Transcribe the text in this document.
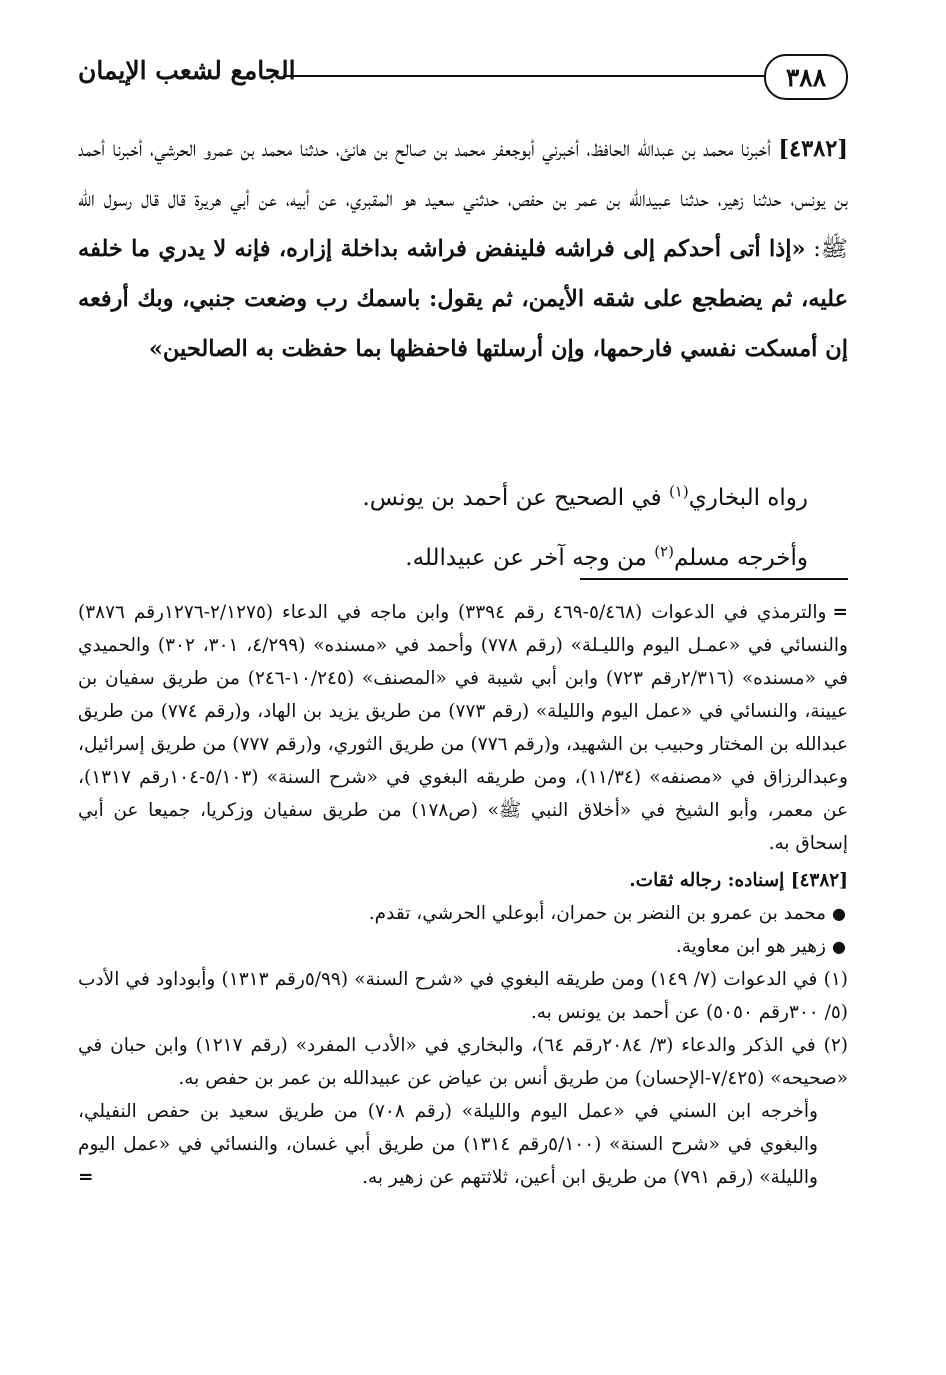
٣٨٨
الجامع لشعب الإيمان
[٤٣٨٢] أخبرنا محمد بن عبدالله الحافظ، أخبرني أبوجعفر محمد بن صالح بن هانئ، حدثنا محمد بن عمرو الحرشي، أخبرنا أحمد بن يونس، حدثنا زهير، حدثنا عبيدالله بن عمر بن حفص، حدثني سعيد هو المقبري، عن أبيه، عن أبي هريرة قال قال رسول الله ﷺ: «إذا أتى أحدكم إلى فراشه فلينفض فراشه بداخلة إزاره، فإنه لا يدري ما خلفه عليه، ثم يضطجع على شقه الأيمن، ثم يقول: باسمك رب وضعت جنبي، وبك أرفعه إن أمسكت نفسي فارحمها، وإن أرسلتها فاحفظها بما حفظت به الصالحين»

رواه البخاري$^{(١)}$ في الصحيح عن أحمد بن يونس.

وأخرجه مسلم$^{(٢)}$ من وجه آخر عن عبيدالله.

=والترمذي في الدعوات (٥/٤٦٨-٤٦٩ رقم ٣٣٩٤) وابن ماجه في الدعاء (٢/١٢٧٥-١٢٧٦رقم ٣٨٧٦) والنسائي في «عمـل اليوم والليـلة» (رقم ٧٧٨) وأحمد في «مسنده» (٤/٢٩٩، ٣٠١، ٣٠٢) والحميدي في «مسنده» (٢/٣١٦رقم ٧٢٣) وابن أبي شيبة في «المصنف» (١٠/٢٤٥-٢٤٦) من طريق سفيان بن عيينة، والنسائي في «عمل اليوم والليلة» (رقم ٧٧٣) من طريق يزيد بن الهاد، و(رقم ٧٧٤) من طريق عبدالله بن المختار وحبيب بن الشهيد، و(رقم ٧٧٦) من طريق الثوري، و(رقم ٧٧٧) من طريق إسرائيل، وعبدالرزاق في «مصنفه» (١١/٣٤)، ومن طريقه البغوي في «شرح السنة» (٥/١٠٣-١٠٤رقم ١٣١٧)، عن معمر، وأبو الشيخ في «أخلاق النبي ﷺ» (ص١٧٨) من طريق سفيان وزكريا، جميعا عن أبي إسحاق به.

[٤٣٨٢] إسناده: رجاله ثقات.

●
محمد بن عمرو بن النضر بن حمران، أبوعلي الحرشي، تقدم.

●
زهير هو ابن معاوية.

(١) في الدعوات (٧/ ١٤٩) ومن طريقه البغوي في «شرح السنة» (٥/٩٩رقم ١٣١٣) وأبوداود في الأدب (٥/ ٣٠٠رقم ٥٠٥٠) عن أحمد بن يونس به.

(٢) في الذكر والدعاء (٣/ ٢٠٨٤رقم ٦٤)، والبخاري في «الأدب المفرد» (رقم ١٢١٧) وابن حبان في «صحيحه» (٧/٤٢٥-الإحسان) من طريق أنس بن عياض عن عبيدالله بن عمر بن حفص به.

وأخرجه ابن السني في «عمل اليوم والليلة» (رقم ٧٠٨) من طريق سعيد بن حفص النفيلي، والبغوي في «شرح السنة» (٥/١٠٠رقم ١٣١٤) من طريق أبي غسان، والنسائي في «عمل اليوم والليلة» (رقم ٧٩١) من طريق ابن أعين، ثلاثتهم عن زهير به.
=
